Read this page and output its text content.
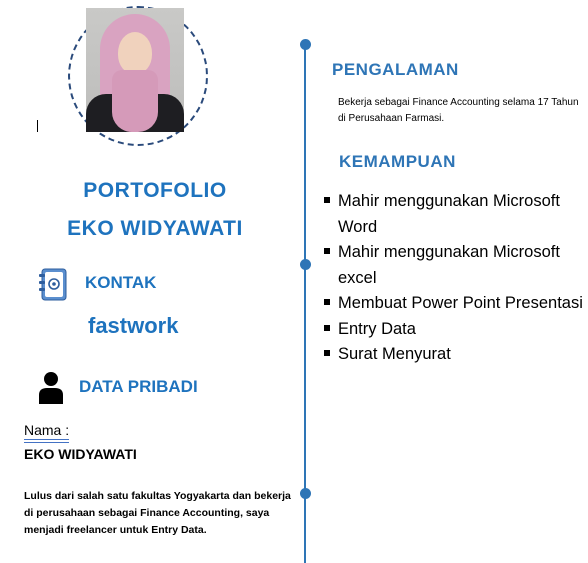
PORTOFOLIO
EKO WIDYAWATI
KONTAK
fastwork
DATA PRIBADI
Nama :
EKO WIDYAWATI
Lulus dari salah satu fakultas Yogyakarta dan bekerja di perusahaan sebagai Finance Accounting, saya menjadi freelancer untuk Entry Data.
PENGALAMAN
Bekerja sebagai Finance Accounting selama 17 Tahun di Perusahaan Farmasi.
KEMAMPUAN
Mahir menggunakan Microsoft Word
Mahir menggunakan Microsoft excel
Membuat Power Point Presentasi
Entry Data
Surat Menyurat
